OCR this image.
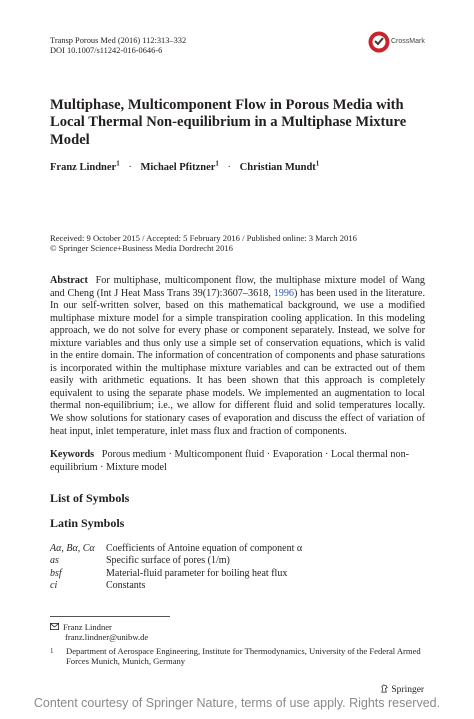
Transp Porous Med (2016) 112:313–332
DOI 10.1007/s11242-016-0646-6
CrossMark
Multiphase, Multicomponent Flow in Porous Media with Local Thermal Non-equilibrium in a Multiphase Mixture Model
Franz Lindner$^1$ · Michael Pfitzner$^1$ · Christian Mundt$^1$
Received: 9 October 2015 / Accepted: 5 February 2016 / Published online: 3 March 2016
© Springer Science+Business Media Dordrecht 2016
Abstract For multiphase, multicomponent flow, the multiphase mixture model of Wang and Cheng (Int J Heat Mass Trans 39(17):3607–3618, 1996) has been used in the literature. In our self-written solver, based on this mathematical background, we use a modified multiphase mixture model for a simple transpiration cooling application. In this modeling approach, we do not solve for every phase or component separately. Instead, we solve for mixture variables and thus only use a simple set of conservation equations, which is valid in the entire domain. The information of concentration of components and phase saturations is incorporated within the multiphase mixture variables and can be extracted out of them easily with arithmetic equations. It has been shown that this approach is completely equivalent to using the separate phase models. We implemented an augmentation to local thermal non-equilibrium; i.e., we allow for different fluid and solid temperatures locally. We show solutions for stationary cases of evaporation and discuss the effect of variation of heat input, inlet temperature, inlet mass flux and fraction of components.
Keywords Porous medium · Multicomponent fluid · Evaporation · Local thermal non-equilibrium · Mixture model
List of Symbols
Latin Symbols
Aα, Bα, Cα	Coefficients of Antoine equation of component α
as	Specific surface of pores (1/m)
bsf	Material-fluid parameter for boiling heat flux
ci	Constants
Franz Lindner
franz.lindner@unibw.de
1	Department of Aerospace Engineering, Institute for Thermodynamics, University of the Federal Armed Forces Munich, Munich, Germany
Springer
Content courtesy of Springer Nature, terms of use apply. Rights reserved.
